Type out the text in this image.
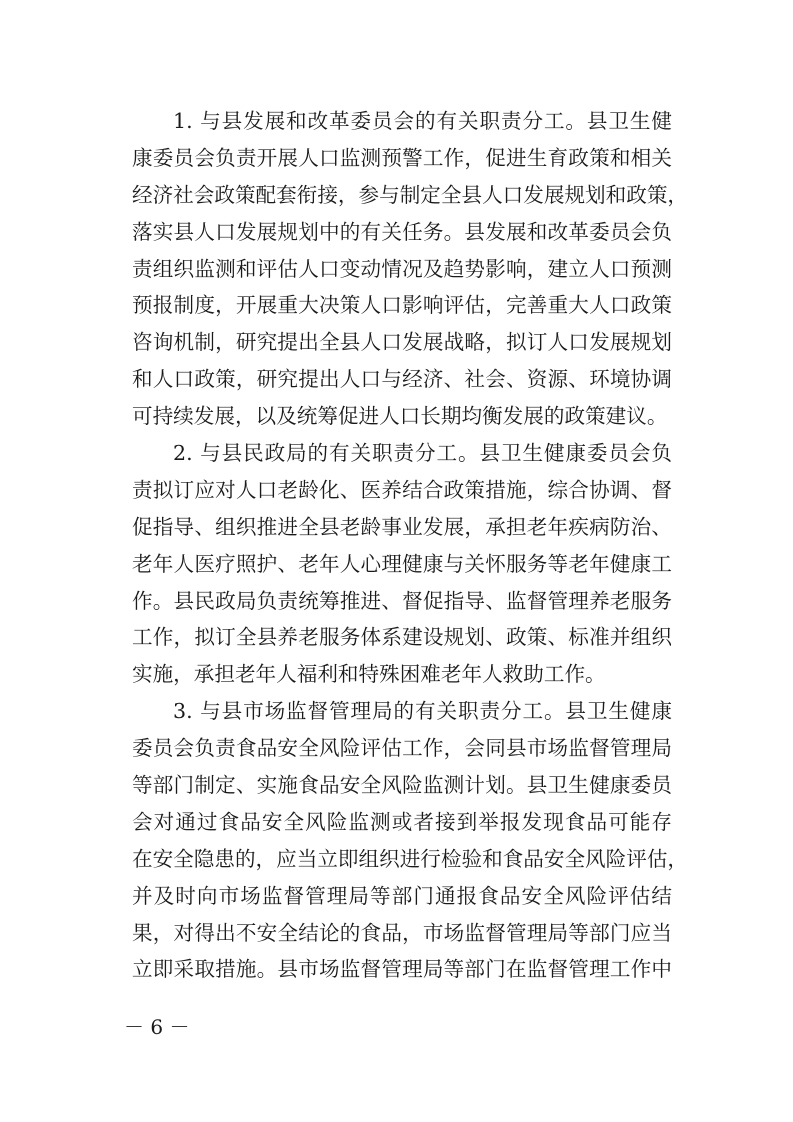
1. 与县发展和改革委员会的有关职责分工。县卫生健
康委员会负责开展人口监测预警工作，促进生育政策和相关
经济社会政策配套衔接，参与制定全县人口发展规划和政策，
落实县人口发展规划中的有关任务。县发展和改革委员会负
责组织监测和评估人口变动情况及趋势影响，建立人口预测
预报制度，开展重大决策人口影响评估，完善重大人口政策
咨询机制，研究提出全县人口发展战略，拟订人口发展规划
和人口政策，研究提出人口与经济、社会、资源、环境协调
可持续发展，以及统筹促进人口长期均衡发展的政策建议。
2. 与县民政局的有关职责分工。县卫生健康委员会负
责拟订应对人口老龄化、医养结合政策措施，综合协调、督
促指导、组织推进全县老龄事业发展，承担老年疾病防治、
老年人医疗照护、老年人心理健康与关怀服务等老年健康工
作。县民政局负责统筹推进、督促指导、监督管理养老服务
工作，拟订全县养老服务体系建设规划、政策、标准并组织
实施，承担老年人福利和特殊困难老年人救助工作。
3. 与县市场监督管理局的有关职责分工。县卫生健康
委员会负责食品安全风险评估工作，会同县市场监督管理局
等部门制定、实施食品安全风险监测计划。县卫生健康委员
会对通过食品安全风险监测或者接到举报发现食品可能存
在安全隐患的，应当立即组织进行检验和食品安全风险评估，
并及时向市场监督管理局等部门通报食品安全风险评估结
果，对得出不安全结论的食品，市场监督管理局等部门应当
立即采取措施。县市场监督管理局等部门在监督管理工作中
－ 6 －
